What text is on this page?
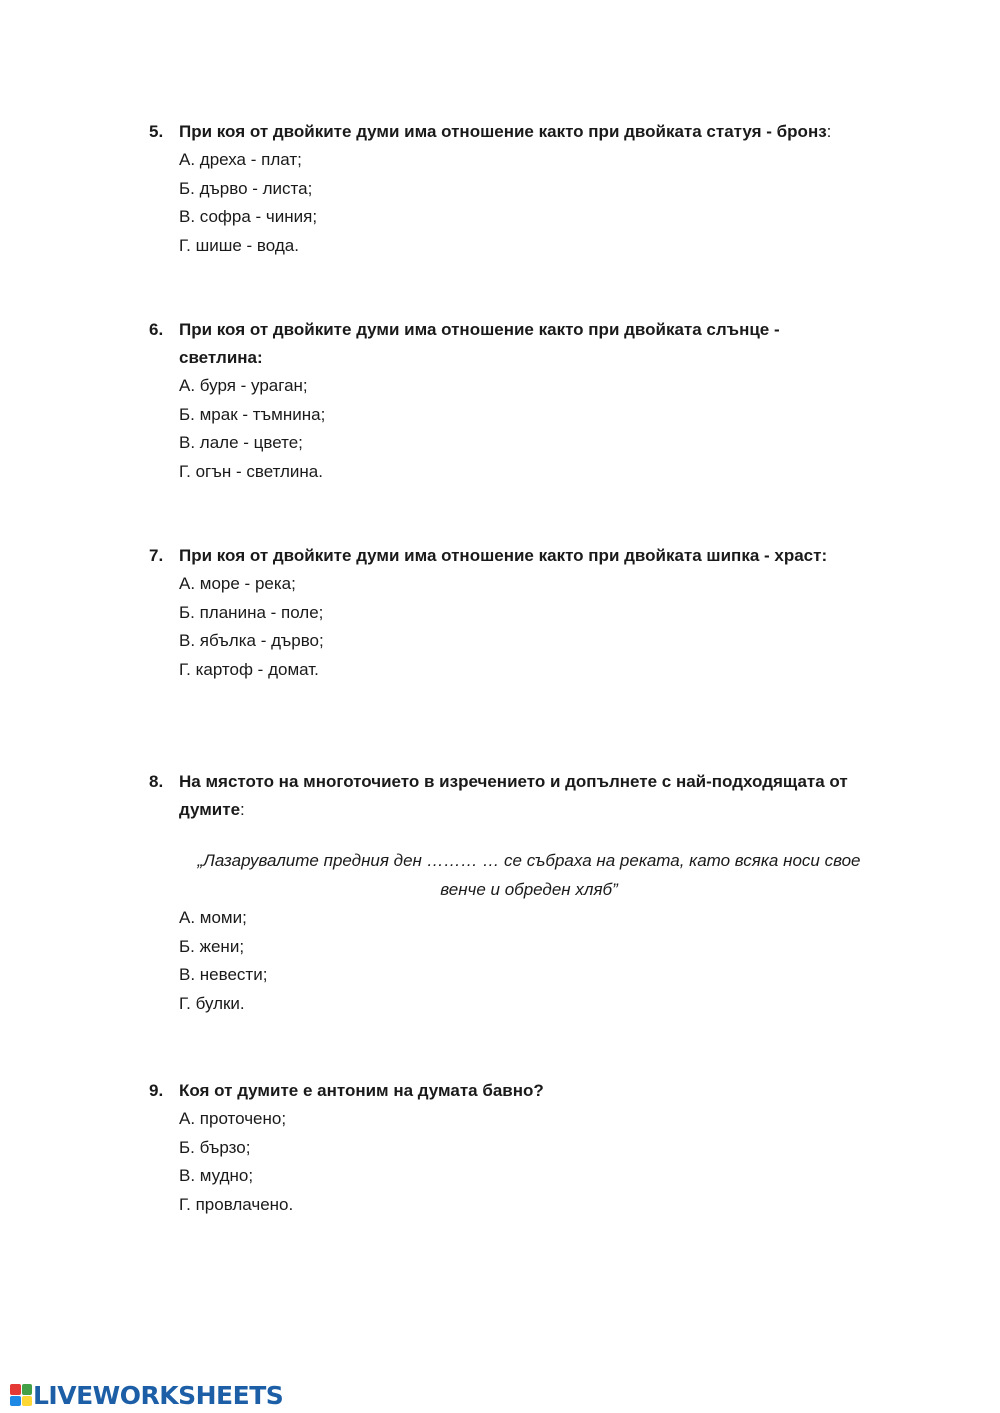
5. При коя от двойките думи има отношение както при двойката статуя - бронз:
А. дреха - плат;
Б. дърво - листа;
В. софра - чиния;
Г. шише - вода.
6. При коя от двойките думи има отношение както при двойката слънце - светлина:
А. буря - ураган;
Б. мрак - тъмнина;
В. лале - цвете;
Г. огън - светлина.
7. При коя от двойките думи има отношение както при двойката шипка - храст:
А. море - река;
Б. планина - поле;
В. ябълка - дърво;
Г. картоф - домат.
8. На мястото на многоточието в изречението и допълнете с най-подходящата от думите:

„Лазарувалите предния ден ……… … се събраха на реката, като всяка носи свое венче и обреден хляб”

А. моми;
Б. жени;
В. невести;
Г. булки.
9. Коя от думите е антоним на думата бавно?
А. проточено;
Б. бързо;
В. мудно;
Г. провлачено.
LIVEWORKSHEETS
